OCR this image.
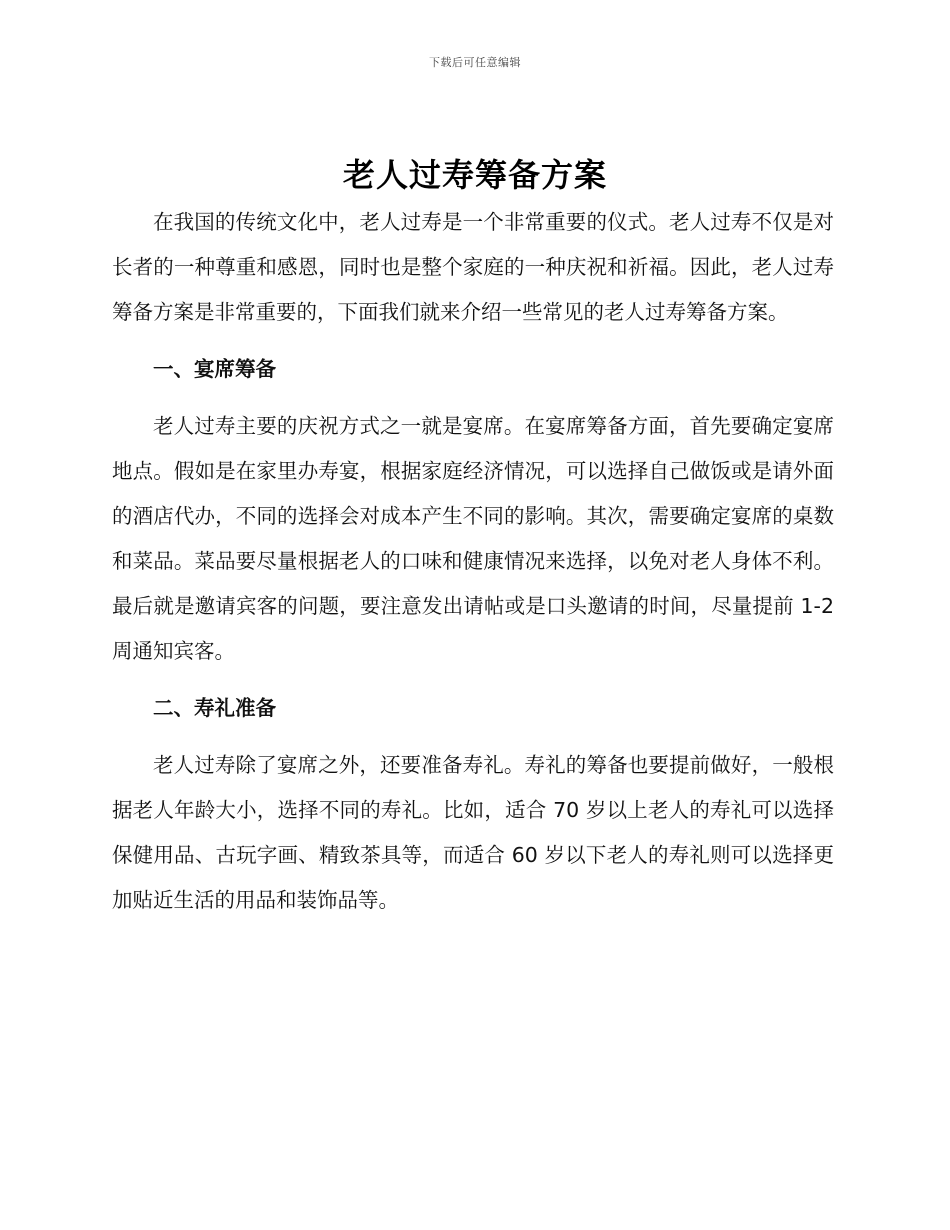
下载后可任意编辑
老人过寿筹备方案

在我国的传统文化中，老人过寿是一个非常重要的仪式。老人过寿不仅是对长者的一种尊重和感恩，同时也是整个家庭的一种庆祝和祈福。因此，老人过寿筹备方案是非常重要的，下面我们就来介绍一些常见的老人过寿筹备方案。

一、宴席筹备

老人过寿主要的庆祝方式之一就是宴席。在宴席筹备方面，首先要确定宴席地点。假如是在家里办寿宴，根据家庭经济情况，可以选择自己做饭或是请外面的酒店代办，不同的选择会对成本产生不同的影响。其次，需要确定宴席的桌数和菜品。菜品要尽量根据老人的口味和健康情况来选择，以免对老人身体不利。最后就是邀请宾客的问题，要注意发出请帖或是口头邀请的时间，尽量提前 1-2 周通知宾客。

二、寿礼准备

老人过寿除了宴席之外，还要准备寿礼。寿礼的筹备也要提前做好，一般根据老人年龄大小，选择不同的寿礼。比如，适合 70 岁以上老人的寿礼可以选择保健用品、古玩字画、精致茶具等，而适合 60 岁以下老人的寿礼则可以选择更加贴近生活的用品和装饰品等。
